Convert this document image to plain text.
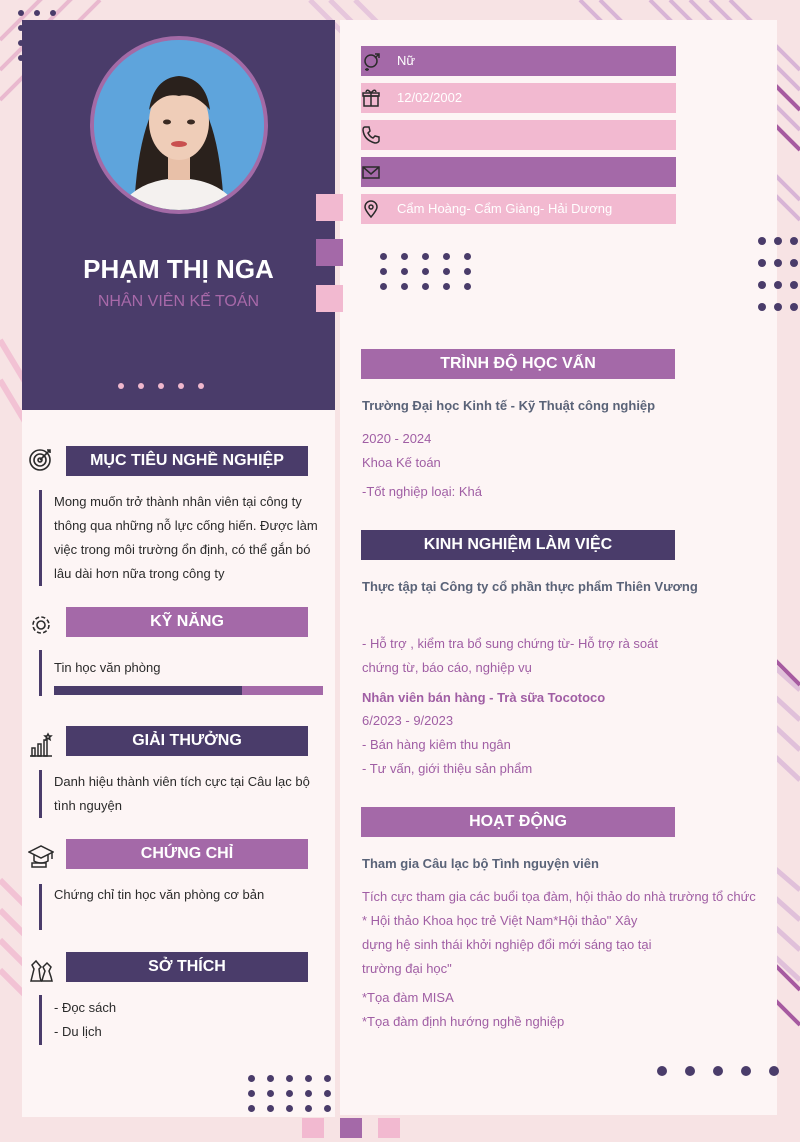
PHẠM THỊ NGA
NHÂN VIÊN KẾ TOÁN
Nữ
12/02/2002
Cẩm Hoàng- Cẩm Giàng- Hải Dương
MỤC TIÊU NGHỀ NGHIỆP
Mong muốn trở thành nhân viên tại công ty
thông qua những nỗ lực cống hiến. Được làm
việc trong môi trường ổn định, có thể gắn bó
lâu dài hơn nữa trong công ty
KỸ NĂNG
Tin học văn phòng
GIẢI THƯỞNG
Danh hiệu thành viên tích cực tại Câu lạc bộ
tình nguyện
CHỨNG CHỈ
Chứng chỉ tin học văn phòng cơ bản
SỞ THÍCH
- Đọc sách
- Du lịch
TRÌNH ĐỘ HỌC VẤN
Trường Đại học Kinh tế - Kỹ Thuật công nghiệp
2020 - 2024
Khoa Kế toán
-Tốt nghiệp loại: Khá
KINH NGHIỆM LÀM VIỆC
Thực tập tại Công ty cổ phần thực phẩm Thiên Vương
- Hỗ trợ , kiểm tra bổ sung chứng từ- Hỗ trợ rà soát
chứng từ, báo cáo, nghiệp vụ
Nhân viên bán hàng - Trà sữa Tocotoco
6/2023 - 9/2023
- Bán hàng kiêm thu ngân
- Tư vấn, giới thiệu sản phẩm
HOẠT ĐỘNG
Tham gia Câu lạc bộ Tình nguyện viên
Tích cực tham gia các buổi tọa đàm, hội thảo do nhà trường tổ chức
* Hội thảo Khoa học trẻ Việt Nam*Hội thảo" Xây
dựng hệ sinh thái khởi nghiệp đổi mới sáng tạo tại
trường đại học"
*Tọa đàm MISA
*Tọa đàm định hướng nghề nghiệp
